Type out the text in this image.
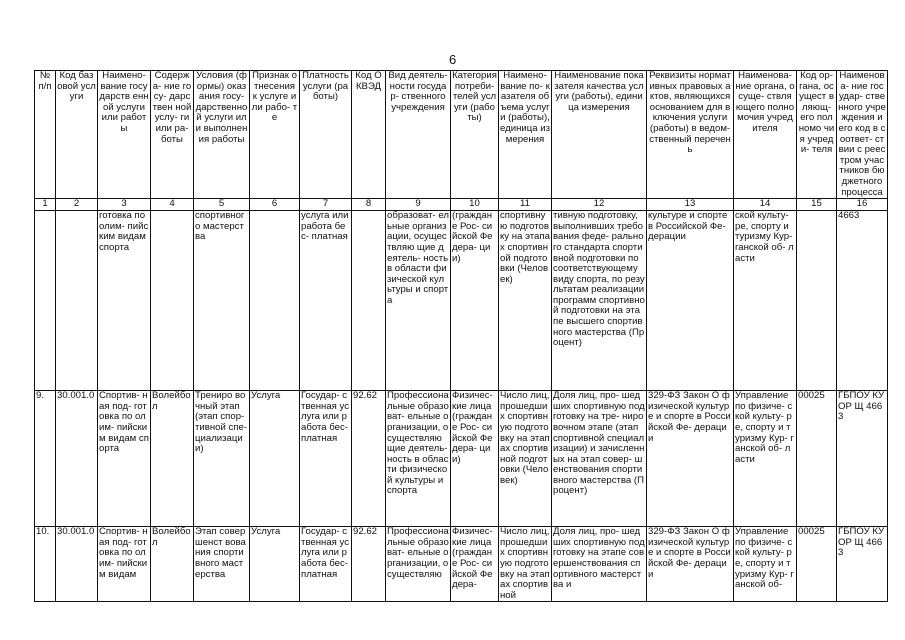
6
№ п/п	Код базовой услуги	Наимено- вание государств енной услуги или работы	Содержа- ние госу- дарствен ной услу- ги или ра- боты	Условия (формы) оказания госу- дарственно й услуги или выполнения работы	Признак отнесения к услуге или рабо- те	Платность услуги (работы)	Код ОКВЭД	Вид деятель- ности государ- ственного учреждения	Категория потреби- телей услуги (работы)	Наимено- вание по- казателя объема услуги (работы), единица измерения	Наименование показателя качества услуги (работы), единица измерения	Реквизиты нормативных правовых актов, являющихся основанием для включения услуги (работы) в ведом- ственный перечень	Наименова- ние органа, осуще- ствляющего полномочия учредителя	Код ор- гана, осущест вляющ- его полномо чия учреди- теля	Наименова- ние государ- ственного учреждения и его код в соответ- ствии с реестром участников бюджетного процесса
1	2	3	4	5	6	7	8	9	10	11	12	13	14	15	16
		готовка по олим- пийским видам спорта		спортивного мастерства		услуга или работа бес- платная		образоват- ельные организации, осуществляю щие деятель- ность в области физической культуры и спорта	(граждане Рос- сийской Федера- ции)	спортивную подготовку на этапах спортивной подготовки (Человек)	тивную подготовку, выполнивших требования феде- рального стандарта спортивной подготовки по соответствующему виду спорта, по результатам реализации программ спортивной подготовки на этапе высшего спортивного мастерства (Процент)	культуре и спорте в Российской Фе- дерации	ской культу- ре, спорту и туризму Кур- ганской об- ласти		4663
9.	30.001.0	Спортив- ная под- готовка по олим- пийским видам спорта	Волейбол	Трениро вочный этап (этап спор- тивной спе- циализации)	Услуга	Государ- ственная услуга или работа бес- платная	92.62	Профессиона льные образоват- ельные организации, осуществляю щие деятель- ность в области физической культуры и спорта	Физичес- кие лица (граждане Рос- сийской Федера- ции)	Число лиц, прошедших спортивную подготовку на этапах спортивной подготовки (Человек)	Доля лиц, про- шедших спортивную подготовку на тре- нировочном этапе (этап спортивной специализации) и зачисленных на этап совер- шенствования спортивного мастерства (Процент)	329-ФЗ Закон О физической культуре и спорте в Российской Фе- дерации	Управление по физиче- ской культу- ре, спорту и туризму Кур- ганской об- ласти	00025	ГБПОУ КУОР Щ 4663
10.	30.001.0	Спортив- ная под- готовка по олим- пийским видам	Волейбол	Этап совершенст вования спортивного мастерства	Услуга	Государ- ственная услуга или работа бес- платная	92.62	Профессиона льные образоват- ельные организации, осуществляю	Физичес- кие лица (граждане Рос- сийской Федера-	Число лиц, прошедших спортивную подготовку на этапах спортивной	Доля лиц, про- шедших спортивную подготовку на этапе совершенствования спортивного мастерства и	329-ФЗ Закон О физической культуре и спорте в Российской Фе- дерации	Управление по физиче- ской культу- ре, спорту и туризму Кур- ганской об-	00025	ГБПОУ КУОР Щ 4663
